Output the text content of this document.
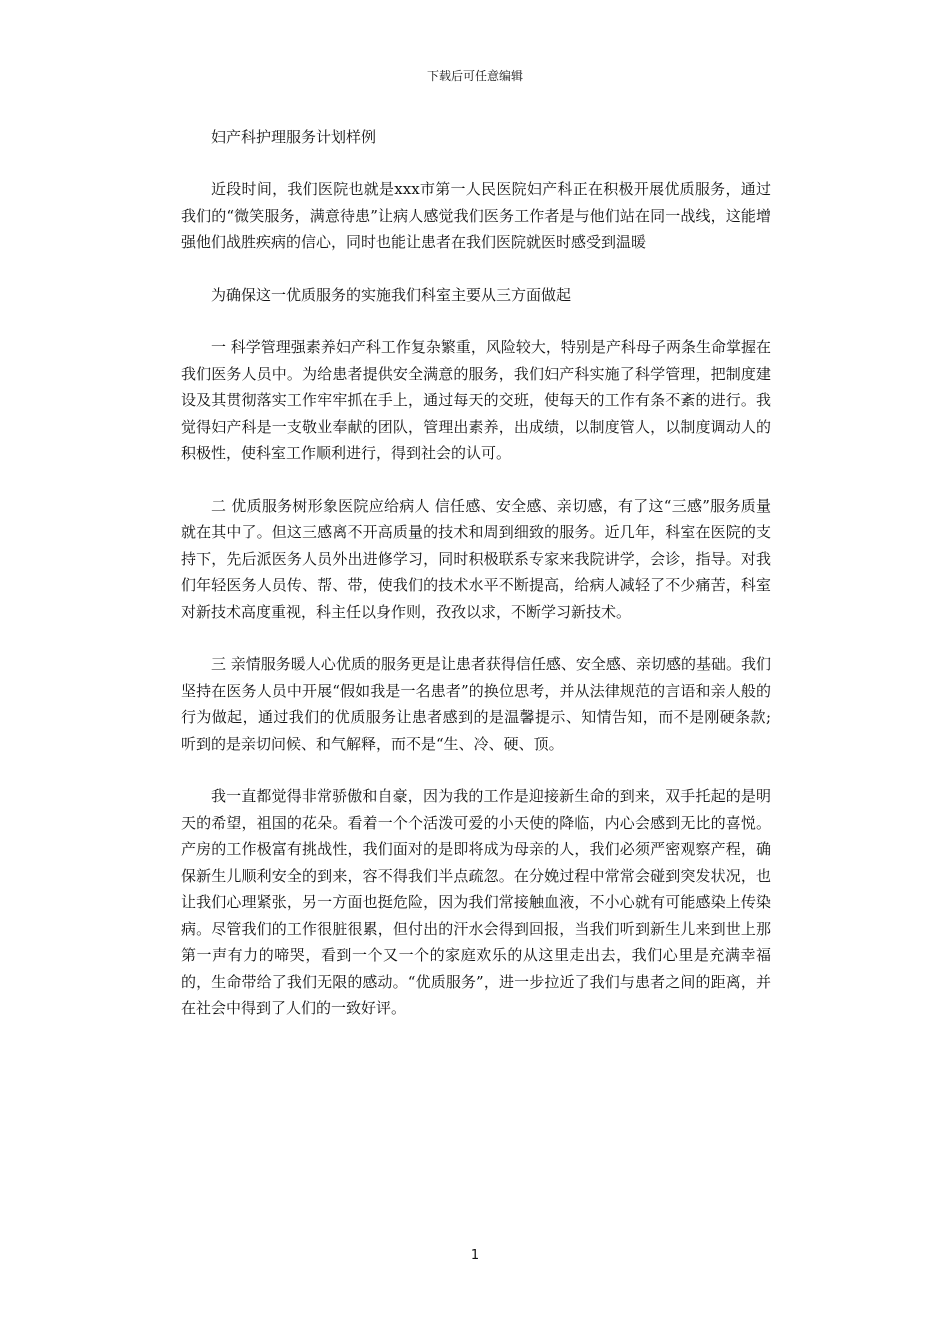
下载后可任意编辑

妇产科护理服务计划样例

近段时间，我们医院也就是xxx市第一人民医院妇产科正在积极开展优质服务，通过我们的“微笑服务，满意待患”让病人感觉我们医务工作者是与他们站在同一战线，这能增强他们战胜疾病的信心，同时也能让患者在我们医院就医时感受到温暖

为确保这一优质服务的实施我们科室主要从三方面做起

一 科学管理强素养妇产科工作复杂繁重，风险较大，特别是产科母子两条生命掌握在我们医务人员中。为给患者提供安全满意的服务，我们妇产科实施了科学管理，把制度建设及其贯彻落实工作牢牢抓在手上，通过每天的交班，使每天的工作有条不紊的进行。我觉得妇产科是一支敬业奉献的团队，管理出素养，出成绩，以制度管人，以制度调动人的积极性，使科室工作顺利进行，得到社会的认可。

二 优质服务树形象医院应给病人 信任感、安全感、亲切感，有了这“三感”服务质量就在其中了。但这三感离不开高质量的技术和周到细致的服务。近几年，科室在医院的支持下，先后派医务人员外出进修学习，同时积极联系专家来我院讲学，会诊，指导。对我们年轻医务人员传、帮、带，使我们的技术水平不断提高，给病人减轻了不少痛苦，科室对新技术高度重视，科主任以身作则，孜孜以求，不断学习新技术。

三 亲情服务暖人心优质的服务更是让患者获得信任感、安全感、亲切感的基础。我们坚持在医务人员中开展“假如我是一名患者”的换位思考，并从法律规范的言语和亲人般的行为做起，通过我们的优质服务让患者感到的是温馨提示、知情告知，而不是刚硬条款;听到的是亲切问候、和气解释，而不是“生、冷、硬、顶。

我一直都觉得非常骄傲和自豪，因为我的工作是迎接新生命的到来，双手托起的是明天的希望，祖国的花朵。看着一个个活泼可爱的小天使的降临，内心会感到无比的喜悦。产房的工作极富有挑战性，我们面对的是即将成为母亲的人，我们必须严密观察产程，确保新生儿顺利安全的到来，容不得我们半点疏忽。在分娩过程中常常会碰到突发状况，也让我们心理紧张，另一方面也挺危险，因为我们常接触血液，不小心就有可能感染上传染病。尽管我们的工作很脏很累，但付出的汗水会得到回报，当我们听到新生儿来到世上那第一声有力的啼哭，看到一个又一个的家庭欢乐的从这里走出去，我们心里是充满幸福的，生命带给了我们无限的感动。“优质服务”，进一步拉近了我们与患者之间的距离，并在社会中得到了人们的一致好评。

1
